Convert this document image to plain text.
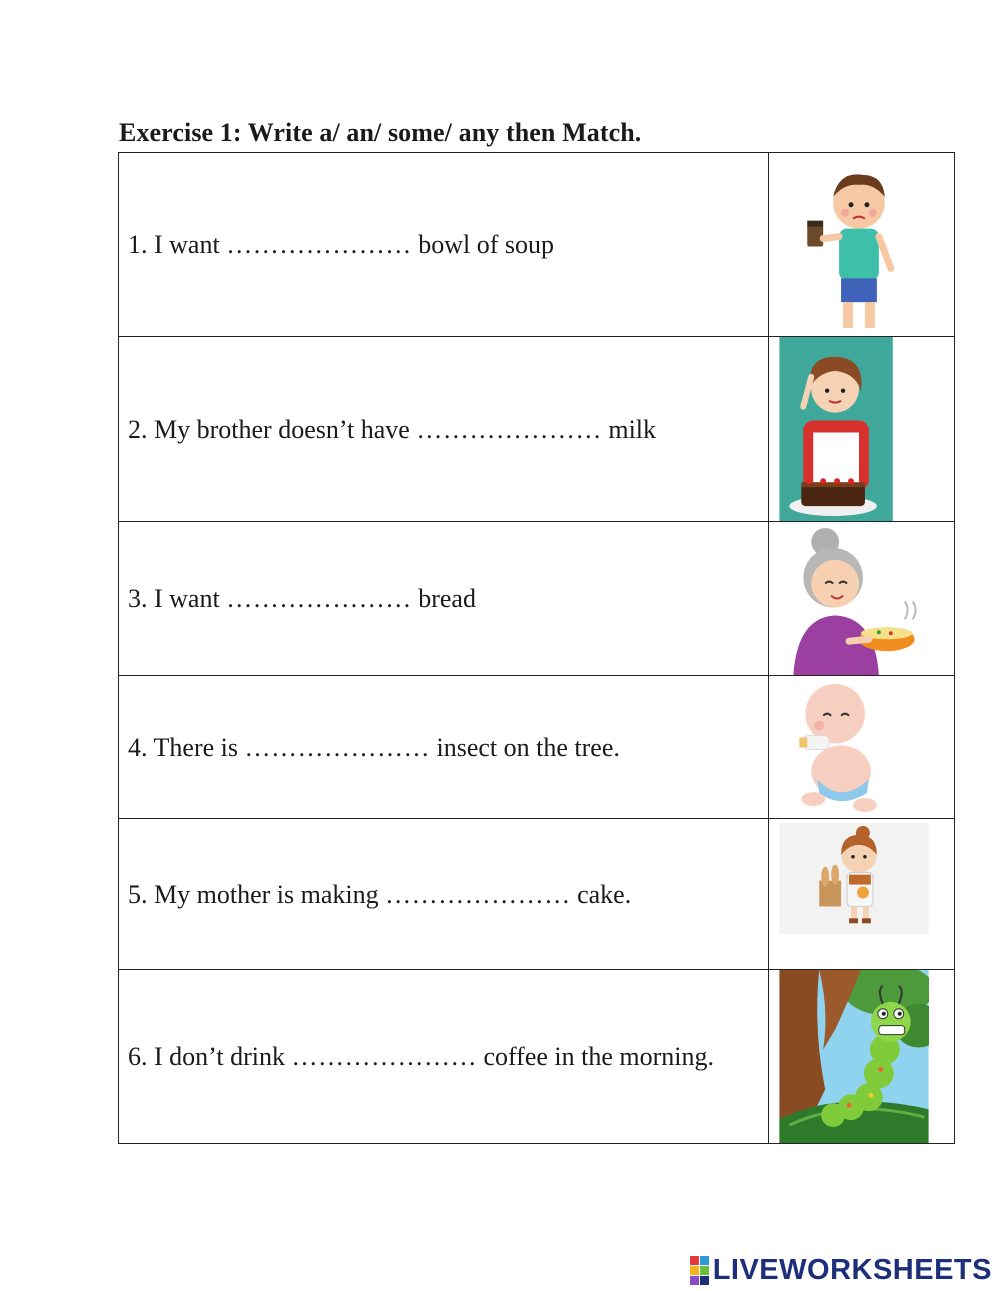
Exercise 1: Write a/ an/ some/ any then Match.
1. I want ………………… bowl of soup	

2. My brother doesn’t have ………………… milk	

3. I want ………………… bread	

4. There is ………………… insect on the tree.	

5. My mother is making ………………… cake.	

6. I don’t drink ………………… coffee in the morning.	
LIVEWORKSHEETS
